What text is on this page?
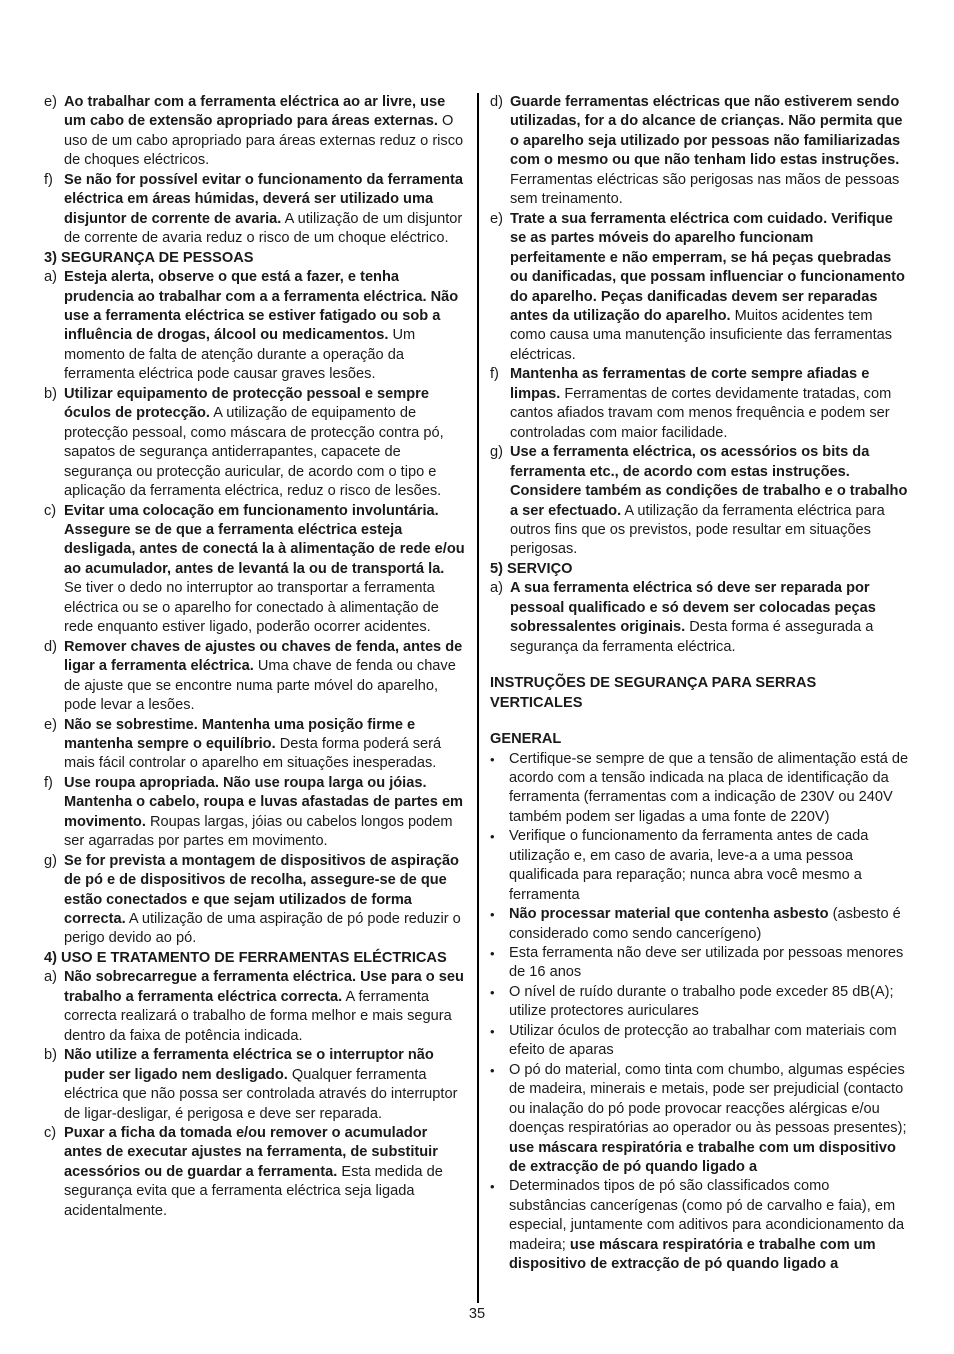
e) Ao trabalhar com a ferramenta eléctrica ao ar livre, use um cabo de extensão apropriado para áreas externas. O uso de um cabo apropriado para áreas externas reduz o risco de choques eléctricos.
f) Se não for possível evitar o funcionamento da ferramenta eléctrica em áreas húmidas, deverá ser utilizado uma disjuntor de corrente de avaria. A utilização de um disjuntor de corrente de avaria reduz o risco de um choque eléctrico.
3) SEGURANÇA DE PESSOAS
a) Esteja alerta, observe o que está a fazer, e tenha prudencia ao trabalhar com a a ferramenta eléctrica. Não use a ferramenta eléctrica se estiver fatigado ou sob a influência de drogas, álcool ou medicamentos. Um momento de falta de atenção durante a operação da ferramenta eléctrica pode causar graves lesões.
b) Utilizar equipamento de protecção pessoal e sempre óculos de protecção. A utilização de equipamento de protecção pessoal, como máscara de protecção contra pó, sapatos de segurança antiderrapantes, capacete de segurança ou protecção auricular, de acordo com o tipo e aplicação da ferramenta eléctrica, reduz o risco de lesões.
c) Evitar uma colocação em funcionamento involuntária. Assegure se de que a ferramenta eléctrica esteja desligada, antes de conectá la à alimentação de rede e/ou ao acumulador, antes de levantá la ou de transportá la. Se tiver o dedo no interruptor ao transportar a ferramenta eléctrica ou se o aparelho for conectado à alimentação de rede enquanto estiver ligado, poderão ocorrer acidentes.
d) Remover chaves de ajustes ou chaves de fenda, antes de ligar a ferramenta eléctrica. Uma chave de fenda ou chave de ajuste que se encontre numa parte móvel do aparelho, pode levar a lesões.
e) Não se sobrestime. Mantenha uma posição firme e mantenha sempre o equilíbrio. Desta forma poderá será mais fácil controlar o aparelho em situações inesperadas.
f) Use roupa apropriada. Não use roupa larga ou jóias. Mantenha o cabelo, roupa e luvas afastadas de partes em movimento. Roupas largas, jóias ou cabelos longos podem ser agarradas por partes em movimento.
g) Se for prevista a montagem de dispositivos de aspiração de pó e de dispositivos de recolha, assegure-se de que estão conectados e que sejam utilizados de forma correcta. A utilização de uma aspiração de pó pode reduzir o perigo devido ao pó.
4) USO E TRATAMENTO DE FERRAMENTAS ELÉCTRICAS
a) Não sobrecarregue a ferramenta eléctrica. Use para o seu trabalho a ferramenta eléctrica correcta. A ferramenta correcta realizará o trabalho de forma melhor e mais segura dentro da faixa de potência indicada.
b) Não utilize a ferramenta eléctrica se o interruptor não puder ser ligado nem desligado. Qualquer ferramenta eléctrica que não possa ser controlada através do interruptor de ligar-desligar, é perigosa e deve ser reparada.
c) Puxar a ficha da tomada e/ou remover o acumulador antes de executar ajustes na ferramenta, de substituir acessórios ou de guardar a ferramenta. Esta medida de segurança evita que a ferramenta eléctrica seja ligada acidentalmente.
d) Guarde ferramentas eléctricas que não estiverem sendo utilizadas, for a do alcance de crianças. Não permita que o aparelho seja utilizado por pessoas não familiarizadas com o mesmo ou que não tenham lido estas instruções. Ferramentas eléctricas são perigosas nas mãos de pessoas sem treinamento.
e) Trate a sua ferramenta eléctrica com cuidado. Verifique se as partes móveis do aparelho funcionam perfeitamente e não emperram, se há peças quebradas ou danificadas, que possam influenciar o funcionamento do aparelho. Peças danificadas devem ser reparadas antes da utilização do aparelho. Muitos acidentes tem como causa uma manutenção insuficiente das ferramentas eléctricas.
f) Mantenha as ferramentas de corte sempre afiadas e limpas. Ferramentas de cortes devidamente tratadas, com cantos afiados travam com menos frequência e podem ser controladas com maior facilidade.
g) Use a ferramenta eléctrica, os acessórios os bits da ferramenta etc., de acordo com estas instruções. Considere também as condições de trabalho e o trabalho a ser efectuado. A utilização da ferramenta eléctrica para outros fins que os previstos, pode resultar em situações perigosas.
5) SERVIÇO
a) A sua ferramenta eléctrica só deve ser reparada por pessoal qualificado e só devem ser colocadas peças sobressalentes originais. Desta forma é assegurada a segurança da ferramenta eléctrica.
INSTRUÇÕES DE SEGURANÇA PARA SERRAS VERTICALES
GENERAL
• Certifique-se sempre de que a tensão de alimentação está de acordo com a tensão indicada na placa de identificação da ferramenta (ferramentas com a indicação de 230V ou 240V também podem ser ligadas a uma fonte de 220V)
• Verifique o funcionamento da ferramenta antes de cada utilização e, em caso de avaria, leve-a a uma pessoa qualificada para reparação; nunca abra você mesmo a ferramenta
• Não processar material que contenha asbesto (asbesto é considerado como sendo cancerígeno)
• Esta ferramenta não deve ser utilizada por pessoas menores de 16 anos
• O nível de ruído durante o trabalho pode exceder 85 dB(A); utilize protectores auriculares
• Utilizar óculos de protecção ao trabalhar com materiais com efeito de aparas
• O pó do material, como tinta com chumbo, algumas espécies de madeira, minerais e metais, pode ser prejudicial (contacto ou inalação do pó pode provocar reacções alérgicas e/ou doenças respiratórias ao operador ou às pessoas presentes); use máscara respiratória e trabalhe com um dispositivo de extracção de pó quando ligado a
• Determinados tipos de pó são classificados como substâncias cancerígenas (como pó de carvalho e faia), em especial, juntamente com aditivos para acondicionamento da madeira; use máscara respiratória e trabalhe com um dispositivo de extracção de pó quando ligado a
35
